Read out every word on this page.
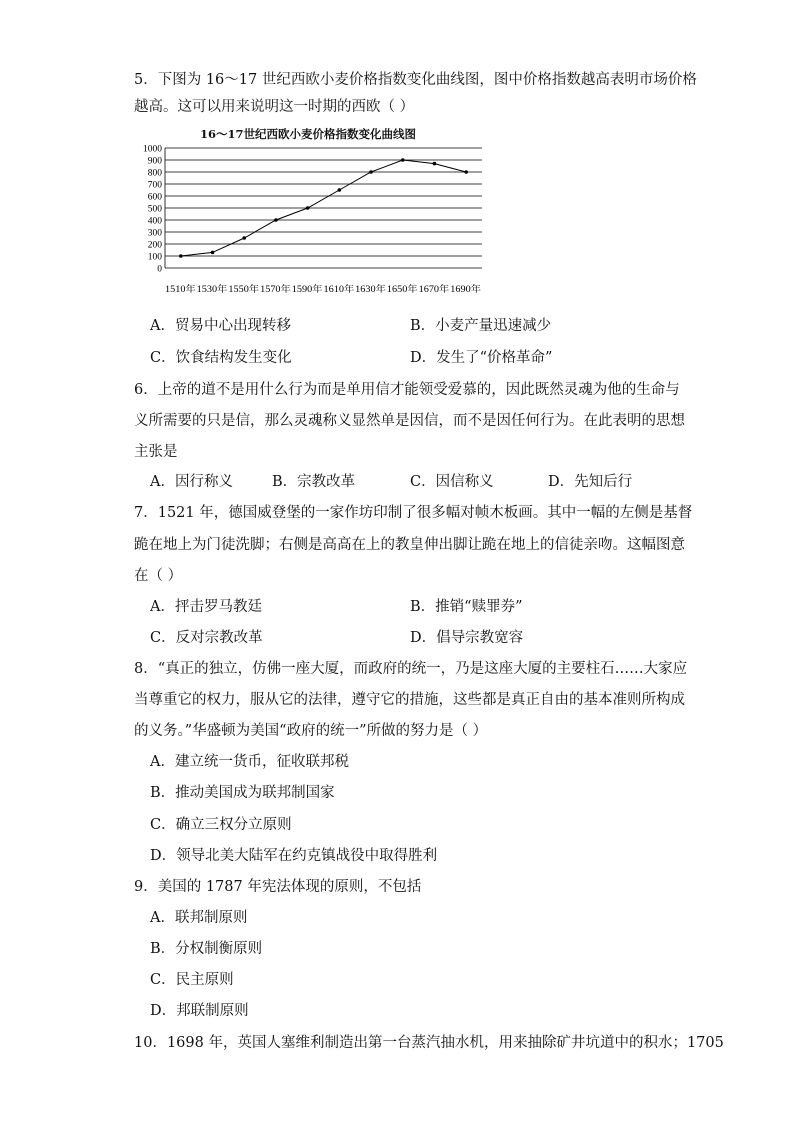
5．下图为 16～17 世纪西欧小麦价格指数变化曲线图，图中价格指数越高表明市场价格
越高。这可以用来说明这一时期的西欧（ ）
16～17世纪西欧小麦价格指数变化曲线图
0
100
200
300
400
500
600
700
800
900
1000
1510年 1530年 1550年 1570年 1590年 1610年 1630年 1650年 1670年 1690年
A．贸易中心出现转移	B．小麦产量迅速减少
C．饮食结构发生变化	D．发生了“价格革命”
6．上帝的道不是用什么行为而是单用信才能领受爱慕的，因此既然灵魂为他的生命与
义所需要的只是信，那么灵魂称义显然单是因信，而不是因任何行为。在此表明的思想
主张是
A．因行称义	B．宗教改革	C．因信称义	D．先知后行
7．1521 年，德国威登堡的一家作坊印制了很多幅对帧木板画。其中一幅的左侧是基督
跪在地上为门徒洗脚；右侧是高高在上的教皇伸出脚让跪在地上的信徒亲吻。这幅图意
在（ ）
A．抨击罗马教廷	B．推销“赎罪券”
C．反对宗教改革	D．倡导宗教宽容
8．“真正的独立，仿佛一座大厦，而政府的统一，乃是这座大厦的主要柱石……大家应
当尊重它的权力，服从它的法律，遵守它的措施，这些都是真正自由的基本准则所构成
的义务。”华盛顿为美国“政府的统一”所做的努力是（ ）
A．建立统一货币，征收联邦税
B．推动美国成为联邦制国家
C．确立三权分立原则
D．领导北美大陆军在约克镇战役中取得胜利
9．美国的 1787 年宪法体现的原则，不包括
A．联邦制原则
B．分权制衡原则
C．民主原则
D．邦联制原则
10．1698 年，英国人塞维利制造出第一台蒸汽抽水机，用来抽除矿井坑道中的积水；1705
